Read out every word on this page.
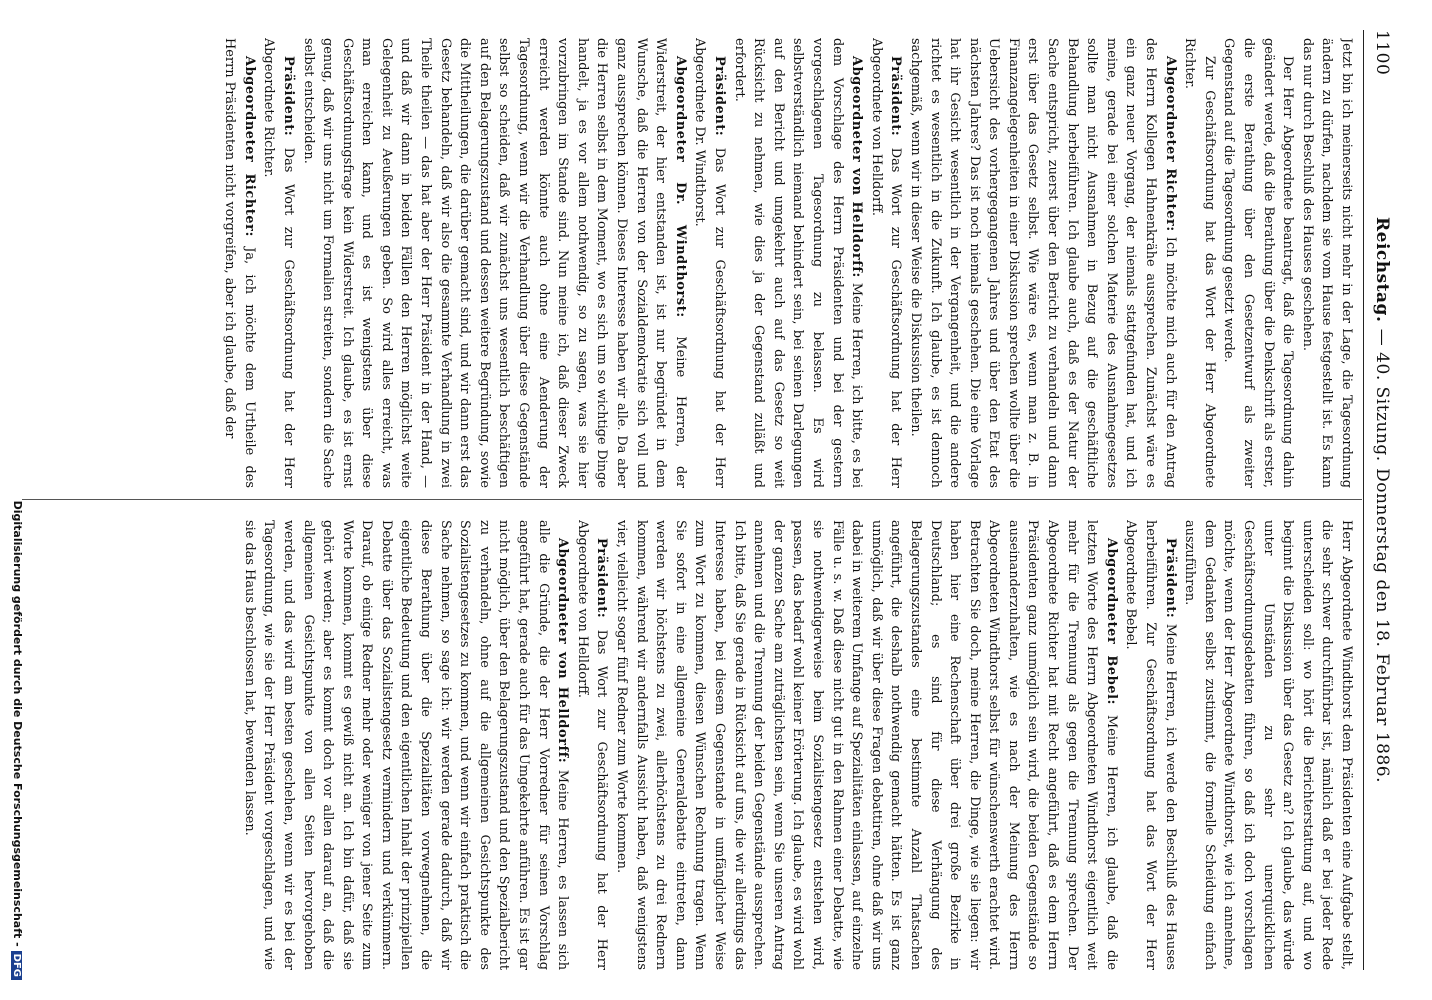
1100
Reichstag. — 40. Sitzung. Donnerstag den 18. Februar 1886.

Jetzt bin ich meinerseits nicht mehr in der Lage, die Tagesordnung ändern zu dürfen, nachdem sie vom Hause festgestellt ist. Es kann das nur durch Beschluß des Hauses geschehen.

Der Herr Abgeordnete beantragt, daß die Tagesordnung dahin geändert werde, daß die Berathung über die Denkschrift als erster, die erste Berathung über den Gesetzentwurf als zweiter Gegenstand auf die Tagesordnung gesetzt werde.

Zur Geschäftsordnung hat das Wort der Herr Abgeordnete Richter.

Abgeordneter Richter: Ich möchte mich auch für den Antrag des Herrn Kollegen Hahnenkrähe aussprechen. Zunächst wäre es ein ganz neuer Vorgang, der niemals stattgefunden hat, und ich meine, gerade bei einer solchen Materie des Ausnahmegesetzes sollte man nicht Ausnahmen in Bezug auf die geschäftliche Behandlung herbeiführen. Ich glaube auch, daß es der Natur der Sache entspricht, zuerst über den Bericht zu verhandeln und dann erst über das Gesetz selbst. Wie wäre es, wenn man z. B. in Finanzangelegenheiten in einer Diskussion sprechen wollte über die Uebersicht des vorhergegangenen Jahres und über den Etat des nächsten Jahres? Das ist noch niemals geschehen. Die eine Vorlage hat ihr Gesicht wesentlich in der Vergangenheit, und die andere richtet es wesentlich in die Zukunft. Ich glaube, es ist dennoch sachgemäß, wenn wir in dieser Weise die Diskussion theilen.

Präsident: Das Wort zur Geschäftsordnung hat der Herr Abgeordnete von Helldorff.

Abgeordneter von Helldorff: Meine Herren, ich bitte, es bei dem Vorschlage des Herrn Präsidenten und bei der gestern vorgeschlagenen Tagesordnung zu belassen. Es wird selbstverständlich niemand behindert sein, bei seinen Darlegungen auf den Bericht und umgekehrt auch auf das Gesetz so weit Rücksicht zu nehmen, wie dies ja der Gegenstand zuläßt und erfordert.

Präsident: Das Wort zur Geschäftsordnung hat der Herr Abgeordnete Dr. Windthorst.

Abgeordneter Dr. Windthorst: Meine Herren, der Widerstreit, der hier entstanden ist, ist nur begründet in dem Wunsche, daß die Herren von der Sozialdemokratie sich voll und ganz aussprechen können. Dieses Interesse haben wir alle. Da aber die Herren selbst in dem Moment, wo es sich um so wichtige Dinge handelt, ja es vor allem nothwendig, so zu sagen, was sie hier vorzubringen im Stande sind. Nun meine ich, daß dieser Zweck erreicht werden könnte auch ohne eine Aenderung der Tagesordnung, wenn wir die Verhandlung über diese Gegenstände selbst so scheiden, daß wir zunächst uns wesentlich beschäftigen auf den Belagerungszustand und dessen weitere Begründung, sowie die Mittheilungen, die darüber gemacht sind, und wir dann erst das Gesetz behandeln, daß wir also die gesammte Verhandlung in zwei Theile theilen — das hat aber der Herr Präsident in der Hand, — und daß wir dann in beiden Fällen den Herren möglichst weite Gelegenheit zu Aeußerungen geben. So wird alles erreicht, was man erreichen kann, und es ist wenigstens über diese Geschäftsordnungsfrage kein Widerstreit. Ich glaube, es ist ernst genug, daß wir uns nicht um Formalien streiten, sondern die Sache selbst entscheiden.

Präsident: Das Wort zur Geschäftsordnung hat der Herr Abgeordnete Richter.

Abgeordneter Richter: Ja, ich möchte dem Urtheile des Herrn Präsidenten nicht vorgreifen, aber ich glaube, daß der

Herr Abgeordnete Windthorst dem Präsidenten eine Aufgabe stellt, die sehr schwer durchführbar ist, nämlich daß er bei jeder Rede unterscheiden soll: wo hört die Berichterstattung auf, und wo beginnt die Diskussion über das Gesetz an? Ich glaube, das würde unter Umständen zu sehr unerquicklichen Geschäftsordnungsdebatten führen, so daß ich doch vorschlagen möchte, wenn der Herr Abgeordnete Windthorst, wie ich annehme, dem Gedanken selbst zustimmt, die formelle Scheidung einfach auszuführen.

Präsident: Meine Herren, ich werde den Beschluß des Hauses herbeiführen. Zur Geschäftsordnung hat das Wort der Herr Abgeordnete Bebel.

Abgeordneter Bebel: Meine Herren, ich glaube, daß die letzten Worte des Herrn Abgeordneten Windthorst eigentlich weit mehr für die Trennung als gegen die Trennung sprechen. Der Abgeordnete Richter hat mit Recht angeführt, daß es dem Herrn Präsidenten ganz unmöglich sein wird, die beiden Gegenstände so auseinanderzuhalten, wie es nach der Meinung des Herrn Abgeordneten Windthorst selbst für wünschenswerth erachtet wird. Betrachten Sie doch, meine Herren, die Dinge, wie sie liegen: wir haben hier eine Rechenschaft über drei große Bezirke in Deutschland; es sind für diese Verhängung des Belagerungszustandes eine bestimmte Anzahl Thatsachen angeführt, die deshalb nothwendig gemacht hätten. Es ist ganz unmöglich, daß wir über diese Fragen debattiren, ohne daß wir uns dabei in weiterem Umfange auf Spezialitäten einlassen, auf einzelne Fälle u. s. w. Daß diese nicht gut in den Rahmen einer Debatte, wie sie nothwendigerweise beim Sozialistengesetz entstehen wird, passen, das bedarf wohl keiner Erörterung. Ich glaube, es wird wohl der ganzen Sache am zuträglichsten sein, wenn Sie unseren Antrag annehmen und die Trennung der beiden Gegenstände aussprechen. Ich bitte, daß Sie gerade in Rücksicht auf uns, die wir allerdings das Interesse haben, bei diesem Gegenstande in umfänglicher Weise zum Wort zu kommen, diesen Wünschen Rechnung tragen. Wenn Sie sofort in eine allgemeine Generaldebatte eintreten, dann werden wir höchstens zu zwei, allerhöchstens zu drei Rednern kommen, während wir andernfalls Aussicht haben, daß wenigstens vier, vielleicht sogar fünf Redner zum Worte kommen.

Präsident: Das Wort zur Geschäftsordnung hat der Herr Abgeordnete von Helldorff.

Abgeordneter von Helldorff: Meine Herren, es lassen sich alle die Gründe, die der Herr Vorredner für seinen Vorschlag angeführt hat, gerade auch für das Umgekehrte anführen. Es ist gar nicht möglich, über den Belagerungszustand und den Spezialbericht zu verhandeln, ohne auf die allgemeinen Gesichtspunkte des Sozialistengesetzes zu kommen, und wenn wir einfach praktisch die Sache nehmen, so sage ich: wir werden gerade dadurch, daß wir diese Berathung über die Spezialitäten vorwegnehmen, die eigentliche Bedeutung und den eigentlichen Inhalt der prinzipiellen Debatte über das Sozialistengesetz vermindern und verkümmern. Darauf, ob einige Redner mehr oder weniger von jener Seite zum Worte kommen, kommt es gewiß nicht an. Ich bin dafür, daß sie gehört werden; aber es kommt doch vor allen darauf an, daß die allgemeinen Gesichtspunkte von allen Seiten hervorgehoben werden, und das wird am besten geschehen, wenn wir es bei der Tagesordnung, wie sie der Herr Präsident vorgeschlagen, und wie sie das Haus beschlossen hat, bewenden lassen.

Digitalisierung gefördert durch die Deutsche Forschungsgemeinschaft -DFG
